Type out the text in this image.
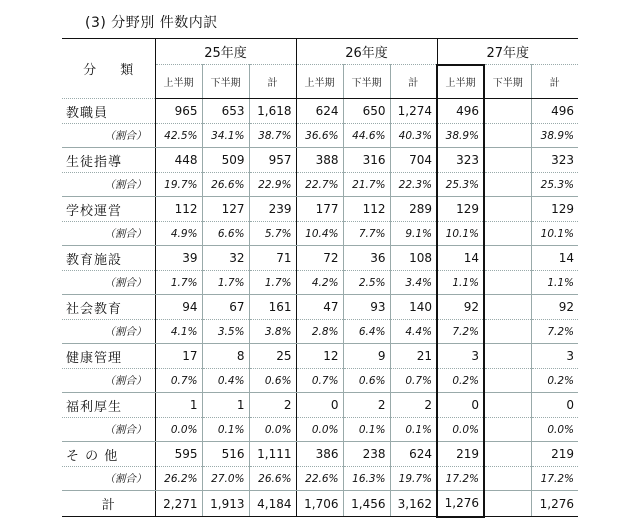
(3) 分野別 件数内訳
分 類	25年度			26年度			27年度		
	上半期	下半期	計	上半期	下半期	計	上半期	下半期	計
教職員	965	653	1,618	624	650	1,274	496		496
（割合）	42.5%	34.1%	38.7%	36.6%	44.6%	40.3%	38.9%		38.9%
生徒指導	448	509	957	388	316	704	323		323
（割合）	19.7%	26.6%	22.9%	22.7%	21.7%	22.3%	25.3%		25.3%
学校運営	112	127	239	177	112	289	129		129
（割合）	4.9%	6.6%	5.7%	10.4%	7.7%	9.1%	10.1%		10.1%
教育施設	39	32	71	72	36	108	14		14
（割合）	1.7%	1.7%	1.7%	4.2%	2.5%	3.4%	1.1%		1.1%
社会教育	94	67	161	47	93	140	92		92
（割合）	4.1%	3.5%	3.8%	2.8%	6.4%	4.4%	7.2%		7.2%
健康管理	17	8	25	12	9	21	3		3
（割合）	0.7%	0.4%	0.6%	0.7%	0.6%	0.7%	0.2%		0.2%
福利厚生	1	1	2	0	2	2	0		0
（割合）	0.0%	0.1%	0.0%	0.0%	0.1%	0.1%	0.0%		0.0%
そ の 他	595	516	1,111	386	238	624	219		219
（割合）	26.2%	27.0%	26.6%	22.6%	16.3%	19.7%	17.2%		17.2%
計	2,271	1,913	4,184	1,706	1,456	3,162	1,276		1,276
